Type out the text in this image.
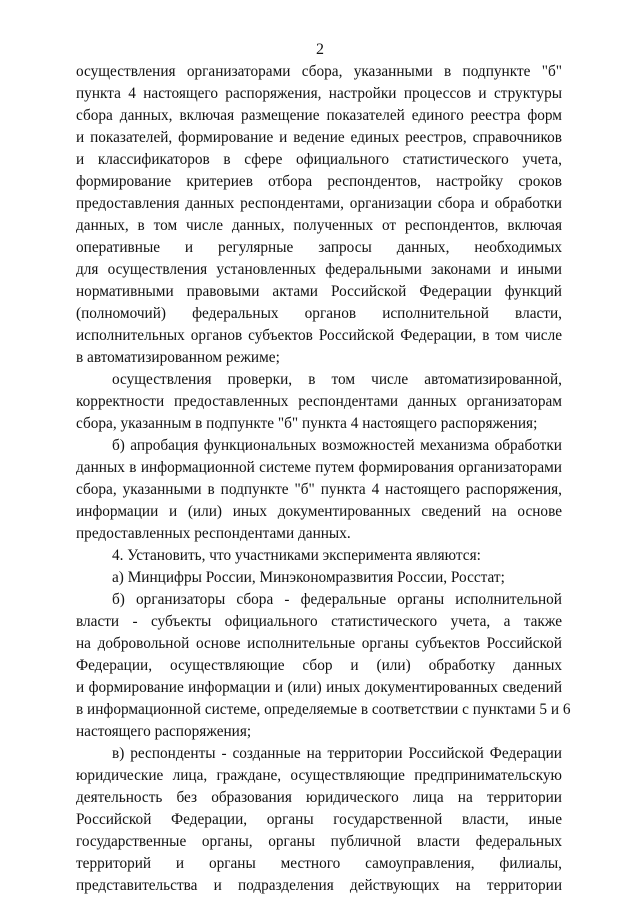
2
осуществления организаторами сбора, указанными в подпункте "б"
пункта 4 настоящего распоряжения, настройки процессов и структуры
сбора данных, включая размещение показателей единого реестра форм
и показателей, формирование и ведение единых реестров, справочников
и классификаторов в сфере официального статистического учета,
формирование критериев отбора респондентов, настройку сроков
предоставления данных респондентами, организации сбора и обработки
данных, в том числе данных, полученных от респондентов, включая
оперативные и регулярные запросы данных, необходимых
для осуществления установленных федеральными законами и иными
нормативными правовыми актами Российской Федерации функций
(полномочий) федеральных органов исполнительной власти,
исполнительных органов субъектов Российской Федерации, в том числе
в автоматизированном режиме;
осуществления проверки, в том числе автоматизированной,
корректности предоставленных респондентами данных организаторам
сбора, указанным в подпункте "б" пункта 4 настоящего распоряжения;
б) апробация функциональных возможностей механизма обработки
данных в информационной системе путем формирования организаторами
сбора, указанными в подпункте "б" пункта 4 настоящего распоряжения,
информации и (или) иных документированных сведений на основе
предоставленных респондентами данных.
4. Установить, что участниками эксперимента являются:
а) Минцифры России, Минэкономразвития России, Росстат;
б) организаторы сбора - федеральные органы исполнительной
власти - субъекты официального статистического учета, а также
на добровольной основе исполнительные органы субъектов Российской
Федерации, осуществляющие сбор и (или) обработку данных
и формирование информации и (или) иных документированных сведений
в информационной системе, определяемые в соответствии с пунктами 5 и 6
настоящего распоряжения;
в) респонденты - созданные на территории Российской Федерации
юридические лица, граждане, осуществляющие предпринимательскую
деятельность без образования юридического лица на территории
Российской Федерации, органы государственной власти, иные
государственные органы, органы публичной власти федеральных
территорий и органы местного самоуправления, филиалы,
представительства и подразделения действующих на территории
